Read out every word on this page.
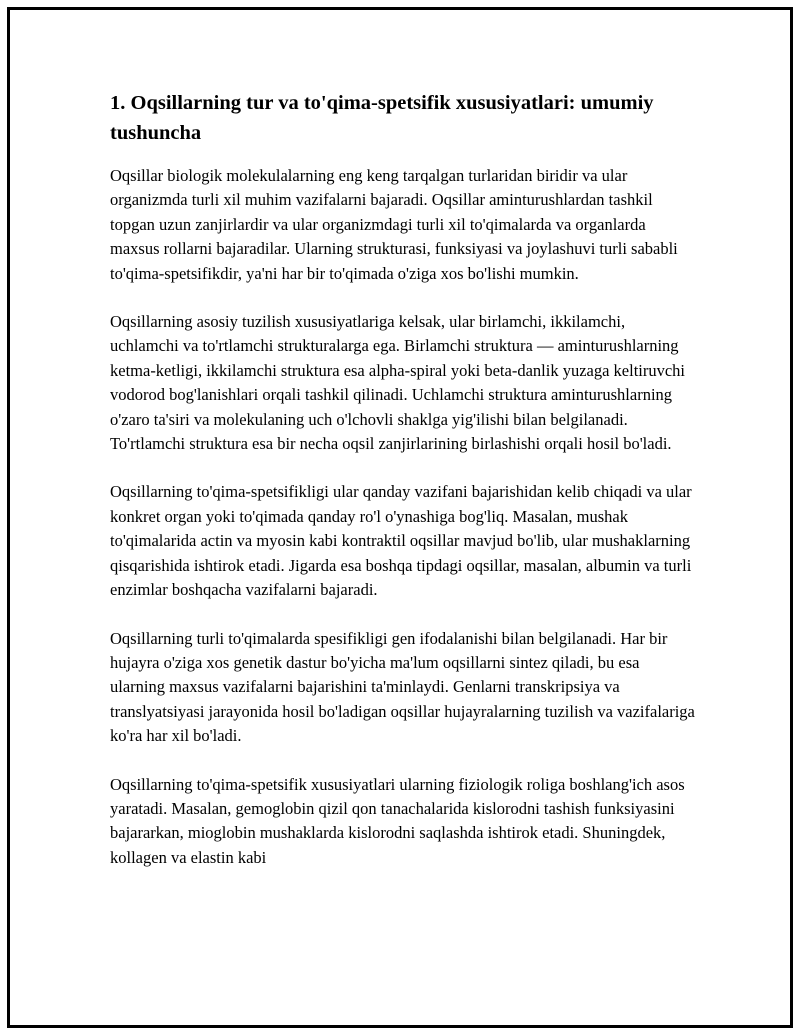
1. Oqsillarning tur va to'qima-spetsifik xususiyatlari: umumiy tushuncha

Oqsillar biologik molekulalarning eng keng tarqalgan turlaridan biridir va ular organizmda turli xil muhim vazifalarni bajaradi. Oqsillar aminturushlardan tashkil topgan uzun zanjirlardir va ular organizmdagi turli xil to'qimalarda va organlarda maxsus rollarni bajaradilar. Ularning strukturasi, funksiyasi va joylashuvi turli sababli to'qima-spetsifikdir, ya'ni har bir to'qimada o'ziga xos bo'lishi mumkin.

Oqsillarning asosiy tuzilish xususiyatlariga kelsak, ular birlamchi, ikkilamchi, uchlamchi va to'rtlamchi strukturalarga ega. Birlamchi struktura — aminturushlarning ketma-ketligi, ikkilamchi struktura esa alpha-spiral yoki beta-danlik yuzaga keltiruvchi vodorod bog'lanishlari orqali tashkil qilinadi. Uchlamchi struktura aminturushlarning o'zaro ta'siri va molekulaning uch o'lchovli shaklga yig'ilishi bilan belgilanadi. To'rtlamchi struktura esa bir necha oqsil zanjirlarining birlashishi orqali hosil bo'ladi.

Oqsillarning to'qima-spetsifikligi ular qanday vazifani bajarishidan kelib chiqadi va ular konkret organ yoki to'qimada qanday ro'l o'ynashiga bog'liq. Masalan, mushak to'qimalarida actin va myosin kabi kontraktil oqsillar mavjud bo'lib, ular mushaklarning qisqarishida ishtirok etadi. Jigarda esa boshqa tipdagi oqsillar, masalan, albumin va turli enzimlar boshqacha vazifalarni bajaradi.

Oqsillarning turli to'qimalarda spesifikligi gen ifodalanishi bilan belgilanadi. Har bir hujayra o'ziga xos genetik dastur bo'yicha ma'lum oqsillarni sintez qiladi, bu esa ularning maxsus vazifalarni bajarishini ta'minlaydi. Genlarni transkripsiya va translyatsiyasi jarayonida hosil bo'ladigan oqsillar hujayralarning tuzilish va vazifalariga ko'ra har xil bo'ladi.

Oqsillarning to'qima-spetsifik xususiyatlari ularning fiziologik roliga boshlang'ich asos yaratadi. Masalan, gemoglobin qizil qon tanachalarida kislorodni tashish funksiyasini bajararkan, mioglobin mushaklarda kislorodni saqlashda ishtirok etadi. Shuningdek, kollagen va elastin kabi
